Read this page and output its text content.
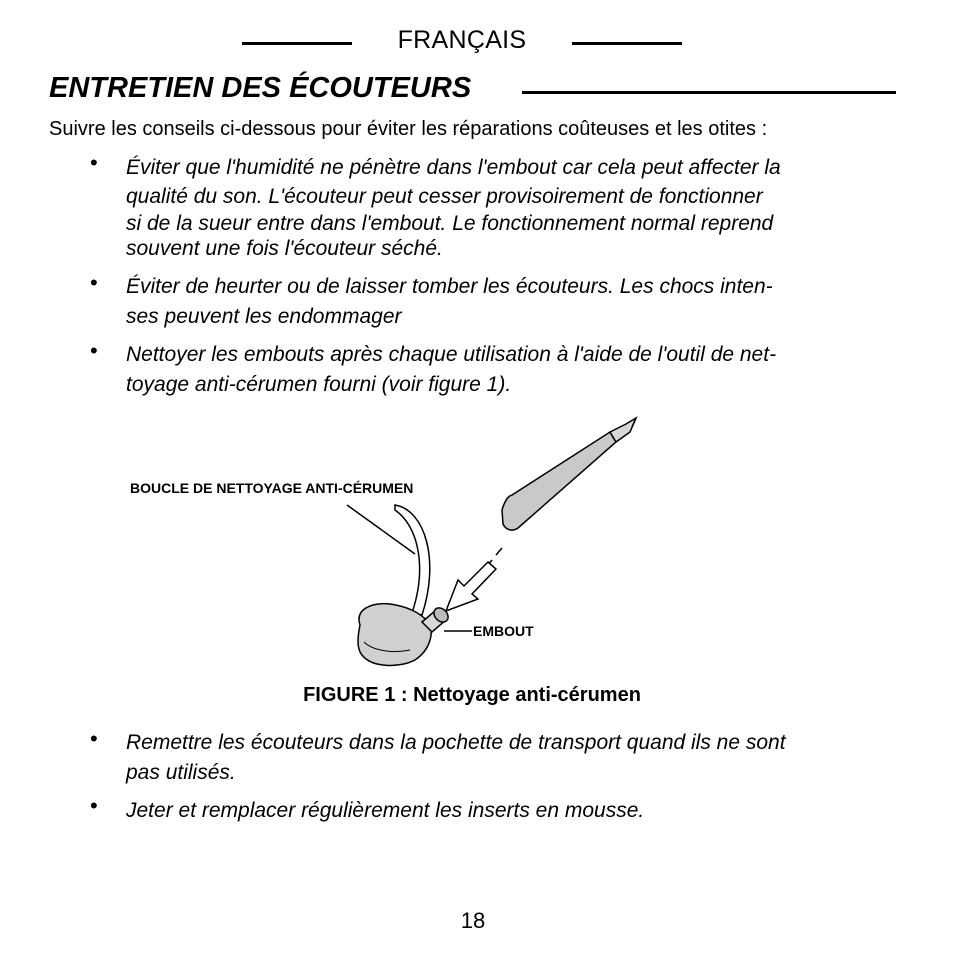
FRANÇAIS
ENTRETIEN DES ÉCOUTEURS
Suivre les conseils ci-dessous pour éviter les réparations coûteuses et les otites :
• Éviter que l'humidité ne pénètre dans l'embout car cela peut affecter la
qualité du son. L'écouteur peut cesser provisoirement de fonctionner
si de la sueur entre dans l'embout. Le fonctionnement normal reprend
souvent une fois l'écouteur séché.
• Éviter de heurter ou de laisser tomber les écouteurs. Les chocs inten-
ses peuvent les endommager
• Nettoyer les embouts après chaque utilisation à l'aide de l'outil de net-
toyage anti-cérumen fourni (voir figure 1).
BOUCLE DE NETTOYAGE ANTI-CÉRUMEN
EMBOUT
FIGURE 1 : Nettoyage anti-cérumen
• Remettre les écouteurs dans la pochette de transport quand ils ne sont
pas utilisés.
• Jeter et remplacer régulièrement les inserts en mousse.
18
